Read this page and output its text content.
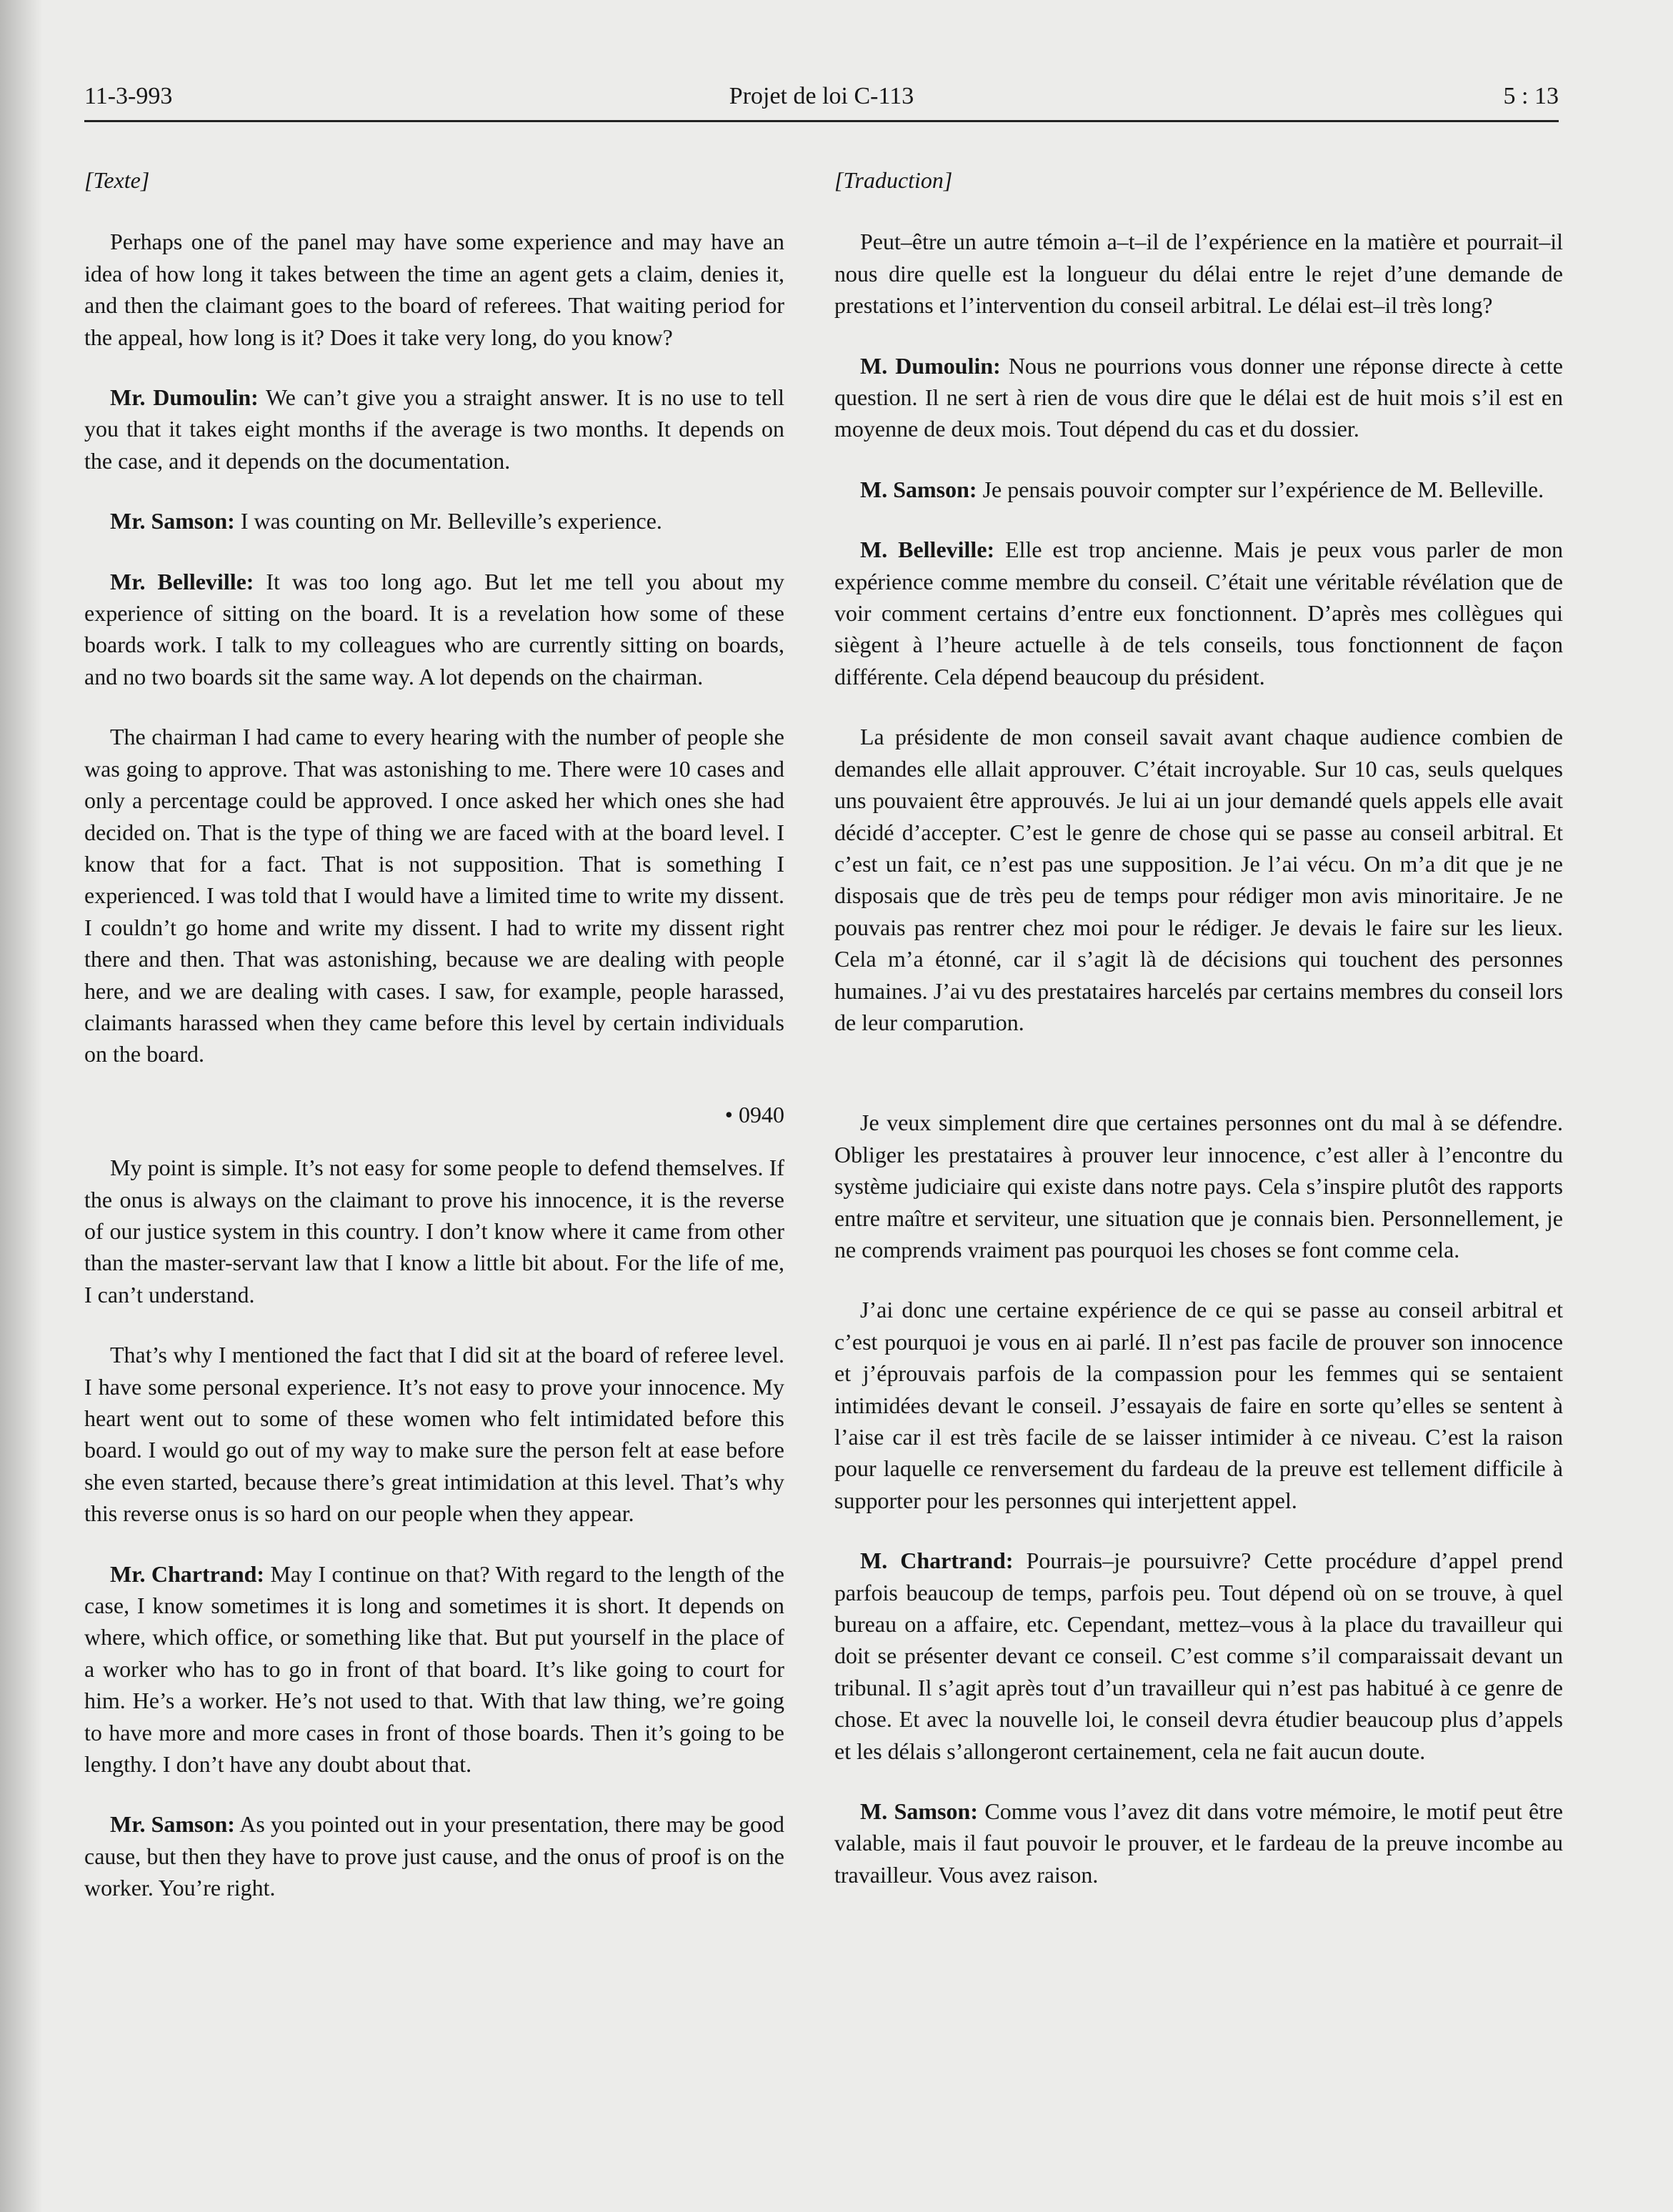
11-3-993	Projet de loi C-113	5 : 13

[Texte]

Perhaps one of the panel may have some experience and may have an idea of how long it takes between the time an agent gets a claim, denies it, and then the claimant goes to the board of referees. That waiting period for the appeal, how long is it? Does it take very long, do you know?

Mr. Dumoulin: We can’t give you a straight answer. It is no use to tell you that it takes eight months if the average is two months. It depends on the case, and it depends on the documentation.

Mr. Samson: I was counting on Mr. Belleville’s experience.

Mr. Belleville: It was too long ago. But let me tell you about my experience of sitting on the board. It is a revelation how some of these boards work. I talk to my colleagues who are currently sitting on boards, and no two boards sit the same way. A lot depends on the chairman.

The chairman I had came to every hearing with the number of people she was going to approve. That was astonishing to me. There were 10 cases and only a percentage could be approved. I once asked her which ones she had decided on. That is the type of thing we are faced with at the board level. I know that for a fact. That is not supposition. That is something I experienced. I was told that I would have a limited time to write my dissent. I couldn’t go home and write my dissent. I had to write my dissent right there and then. That was astonishing, because we are dealing with people here, and we are dealing with cases. I saw, for example, people harassed, claimants harassed when they came before this level by certain individuals on the board.

• 0940

My point is simple. It’s not easy for some people to defend themselves. If the onus is always on the claimant to prove his innocence, it is the reverse of our justice system in this country. I don’t know where it came from other than the master-servant law that I know a little bit about. For the life of me, I can’t understand.

That’s why I mentioned the fact that I did sit at the board of referee level. I have some personal experience. It’s not easy to prove your innocence. My heart went out to some of these women who felt intimidated before this board. I would go out of my way to make sure the person felt at ease before she even started, because there’s great intimidation at this level. That’s why this reverse onus is so hard on our people when they appear.

Mr. Chartrand: May I continue on that? With regard to the length of the case, I know sometimes it is long and sometimes it is short. It depends on where, which office, or something like that. But put yourself in the place of a worker who has to go in front of that board. It’s like going to court for him. He’s a worker. He’s not used to that. With that law thing, we’re going to have more and more cases in front of those boards. Then it’s going to be lengthy. I don’t have any doubt about that.

Mr. Samson: As you pointed out in your presentation, there may be good cause, but then they have to prove just cause, and the onus of proof is on the worker. You’re right.

[Traduction]

Peut–être un autre témoin a–t–il de l’expérience en la matière et pourrait–il nous dire quelle est la longueur du délai entre le rejet d’une demande de prestations et l’intervention du conseil arbitral. Le délai est–il très long?

M. Dumoulin: Nous ne pourrions vous donner une réponse directe à cette question. Il ne sert à rien de vous dire que le délai est de huit mois s’il est en moyenne de deux mois. Tout dépend du cas et du dossier.

M. Samson: Je pensais pouvoir compter sur l’expérience de M. Belleville.

M. Belleville: Elle est trop ancienne. Mais je peux vous parler de mon expérience comme membre du conseil. C’était une véritable révélation que de voir comment certains d’entre eux fonctionnent. D’après mes collègues qui siègent à l’heure actuelle à de tels conseils, tous fonctionnent de façon différente. Cela dépend beaucoup du président.

La présidente de mon conseil savait avant chaque audience combien de demandes elle allait approuver. C’était incroyable. Sur 10 cas, seuls quelques uns pouvaient être approuvés. Je lui ai un jour demandé quels appels elle avait décidé d’accepter. C’est le genre de chose qui se passe au conseil arbitral. Et c’est un fait, ce n’est pas une supposition. Je l’ai vécu. On m’a dit que je ne disposais que de très peu de temps pour rédiger mon avis minoritaire. Je ne pouvais pas rentrer chez moi pour le rédiger. Je devais le faire sur les lieux. Cela m’a étonné, car il s’agit là de décisions qui touchent des personnes humaines. J’ai vu des prestataires harcelés par certains membres du conseil lors de leur comparution.

Je veux simplement dire que certaines personnes ont du mal à se défendre. Obliger les prestataires à prouver leur innocence, c’est aller à l’encontre du système judiciaire qui existe dans notre pays. Cela s’inspire plutôt des rapports entre maître et serviteur, une situation que je connais bien. Personnellement, je ne comprends vraiment pas pourquoi les choses se font comme cela.

J’ai donc une certaine expérience de ce qui se passe au conseil arbitral et c’est pourquoi je vous en ai parlé. Il n’est pas facile de prouver son innocence et j’éprouvais parfois de la compassion pour les femmes qui se sentaient intimidées devant le conseil. J’essayais de faire en sorte qu’elles se sentent à l’aise car il est très facile de se laisser intimider à ce niveau. C’est la raison pour laquelle ce renversement du fardeau de la preuve est tellement difficile à supporter pour les personnes qui interjettent appel.

M. Chartrand: Pourrais–je poursuivre? Cette procédure d’appel prend parfois beaucoup de temps, parfois peu. Tout dépend où on se trouve, à quel bureau on a affaire, etc. Cependant, mettez–vous à la place du travailleur qui doit se présenter devant ce conseil. C’est comme s’il comparaissait devant un tribunal. Il s’agit après tout d’un travailleur qui n’est pas habitué à ce genre de chose. Et avec la nouvelle loi, le conseil devra étudier beaucoup plus d’appels et les délais s’allongeront certainement, cela ne fait aucun doute.

M. Samson: Comme vous l’avez dit dans votre mémoire, le motif peut être valable, mais il faut pouvoir le prouver, et le fardeau de la preuve incombe au travailleur. Vous avez raison.
